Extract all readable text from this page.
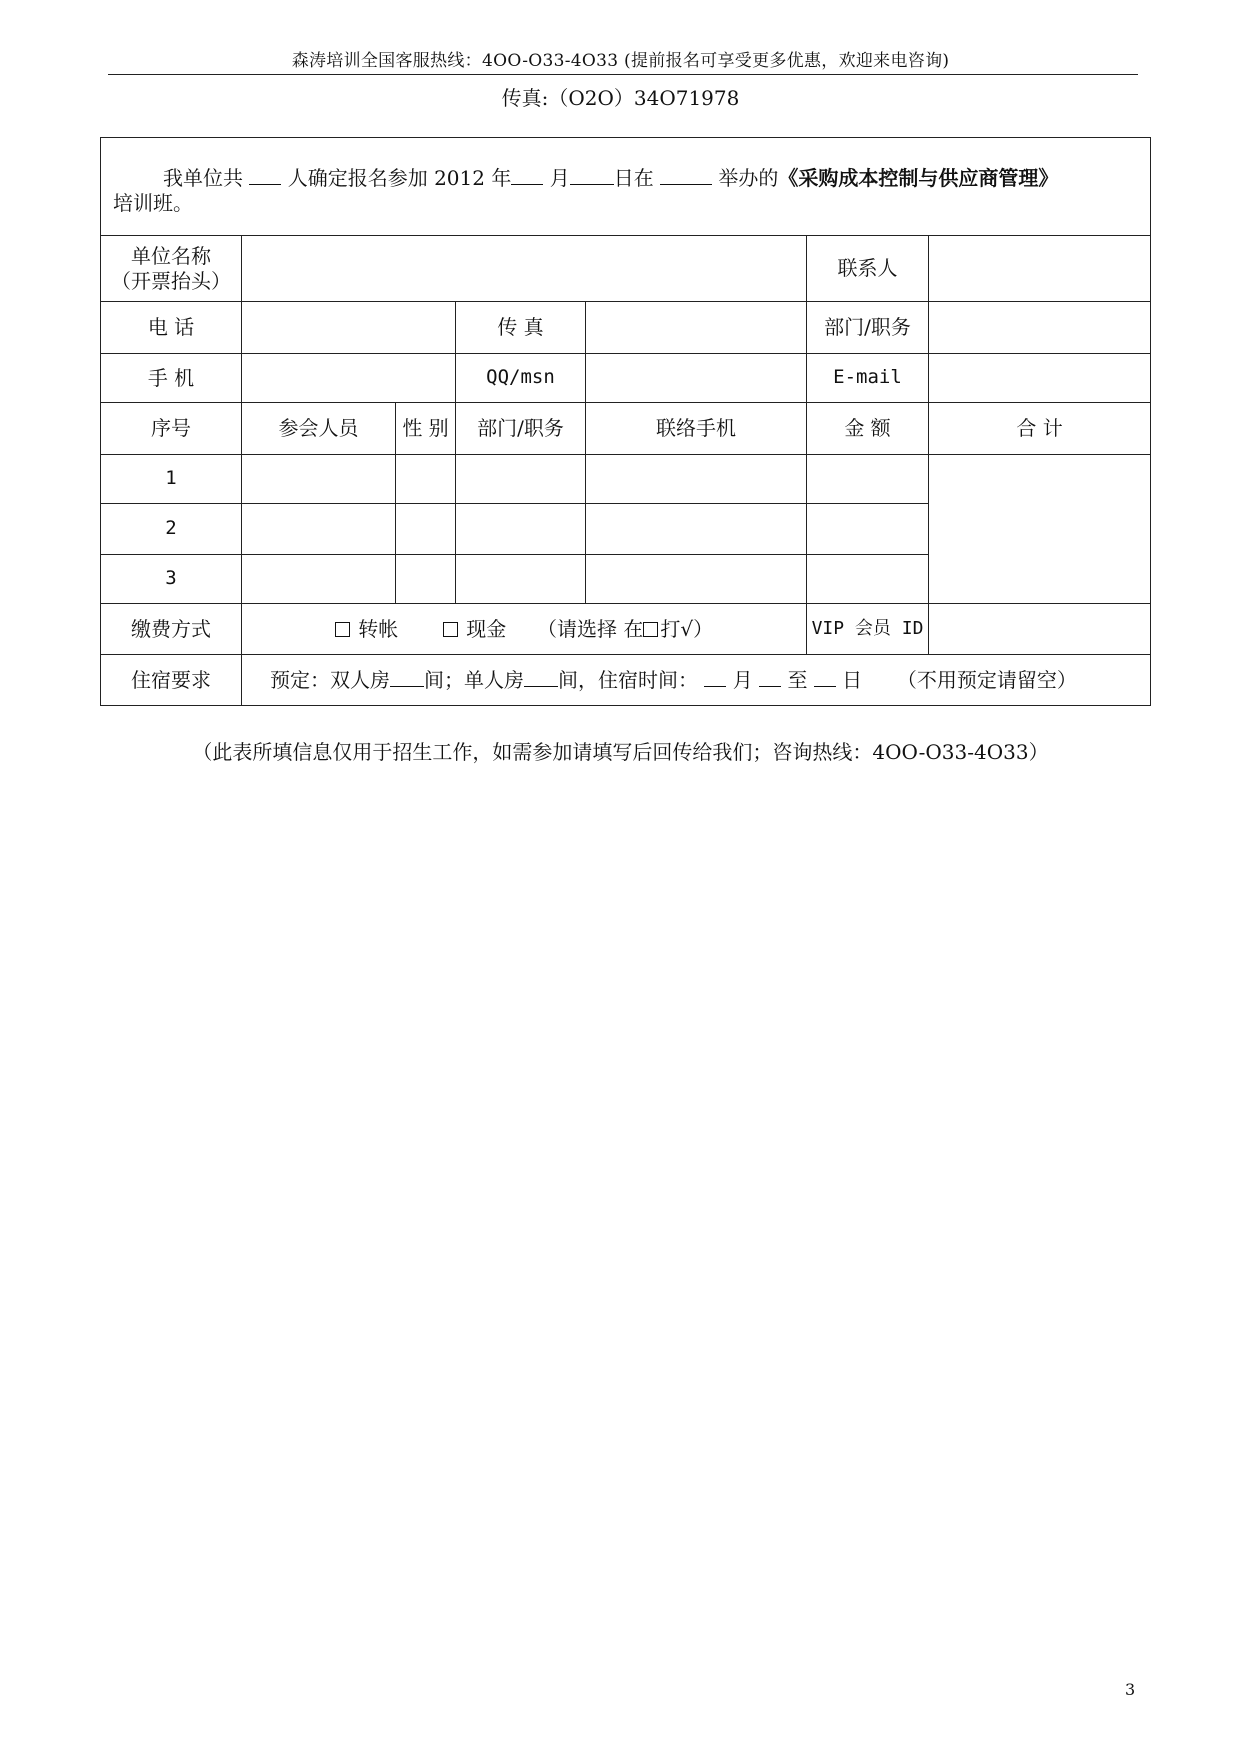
森涛培训全国客服热线：4OO-O33-4O33 (提前报名可享受更多优惠，欢迎来电咨询)
传真:（O2O）34O71978
我单位共 人确定报名参加 2012 年 月 日在 举办的《采购成本控制与供应商管理》
培训班。						
单位名称
（开票抬头）					联系人	
电 话			传 真		部门/职务	
手 机			QQ/msn		E-mail	
序号	参会人员	性 别	部门/职务	联络手机	金 额	合 计
1						
2						
3						
缴费方式	转帐 现金 （请选择 在 打√）				VIP 会员 ID	
住宿要求	预定：双人房 间；单人房 间，住宿时间： 月 至 日 （不用预定请留空）					
（此表所填信息仅用于招生工作，如需参加请填写后回传给我们；咨询热线：4OO-O33-4O33）
3
